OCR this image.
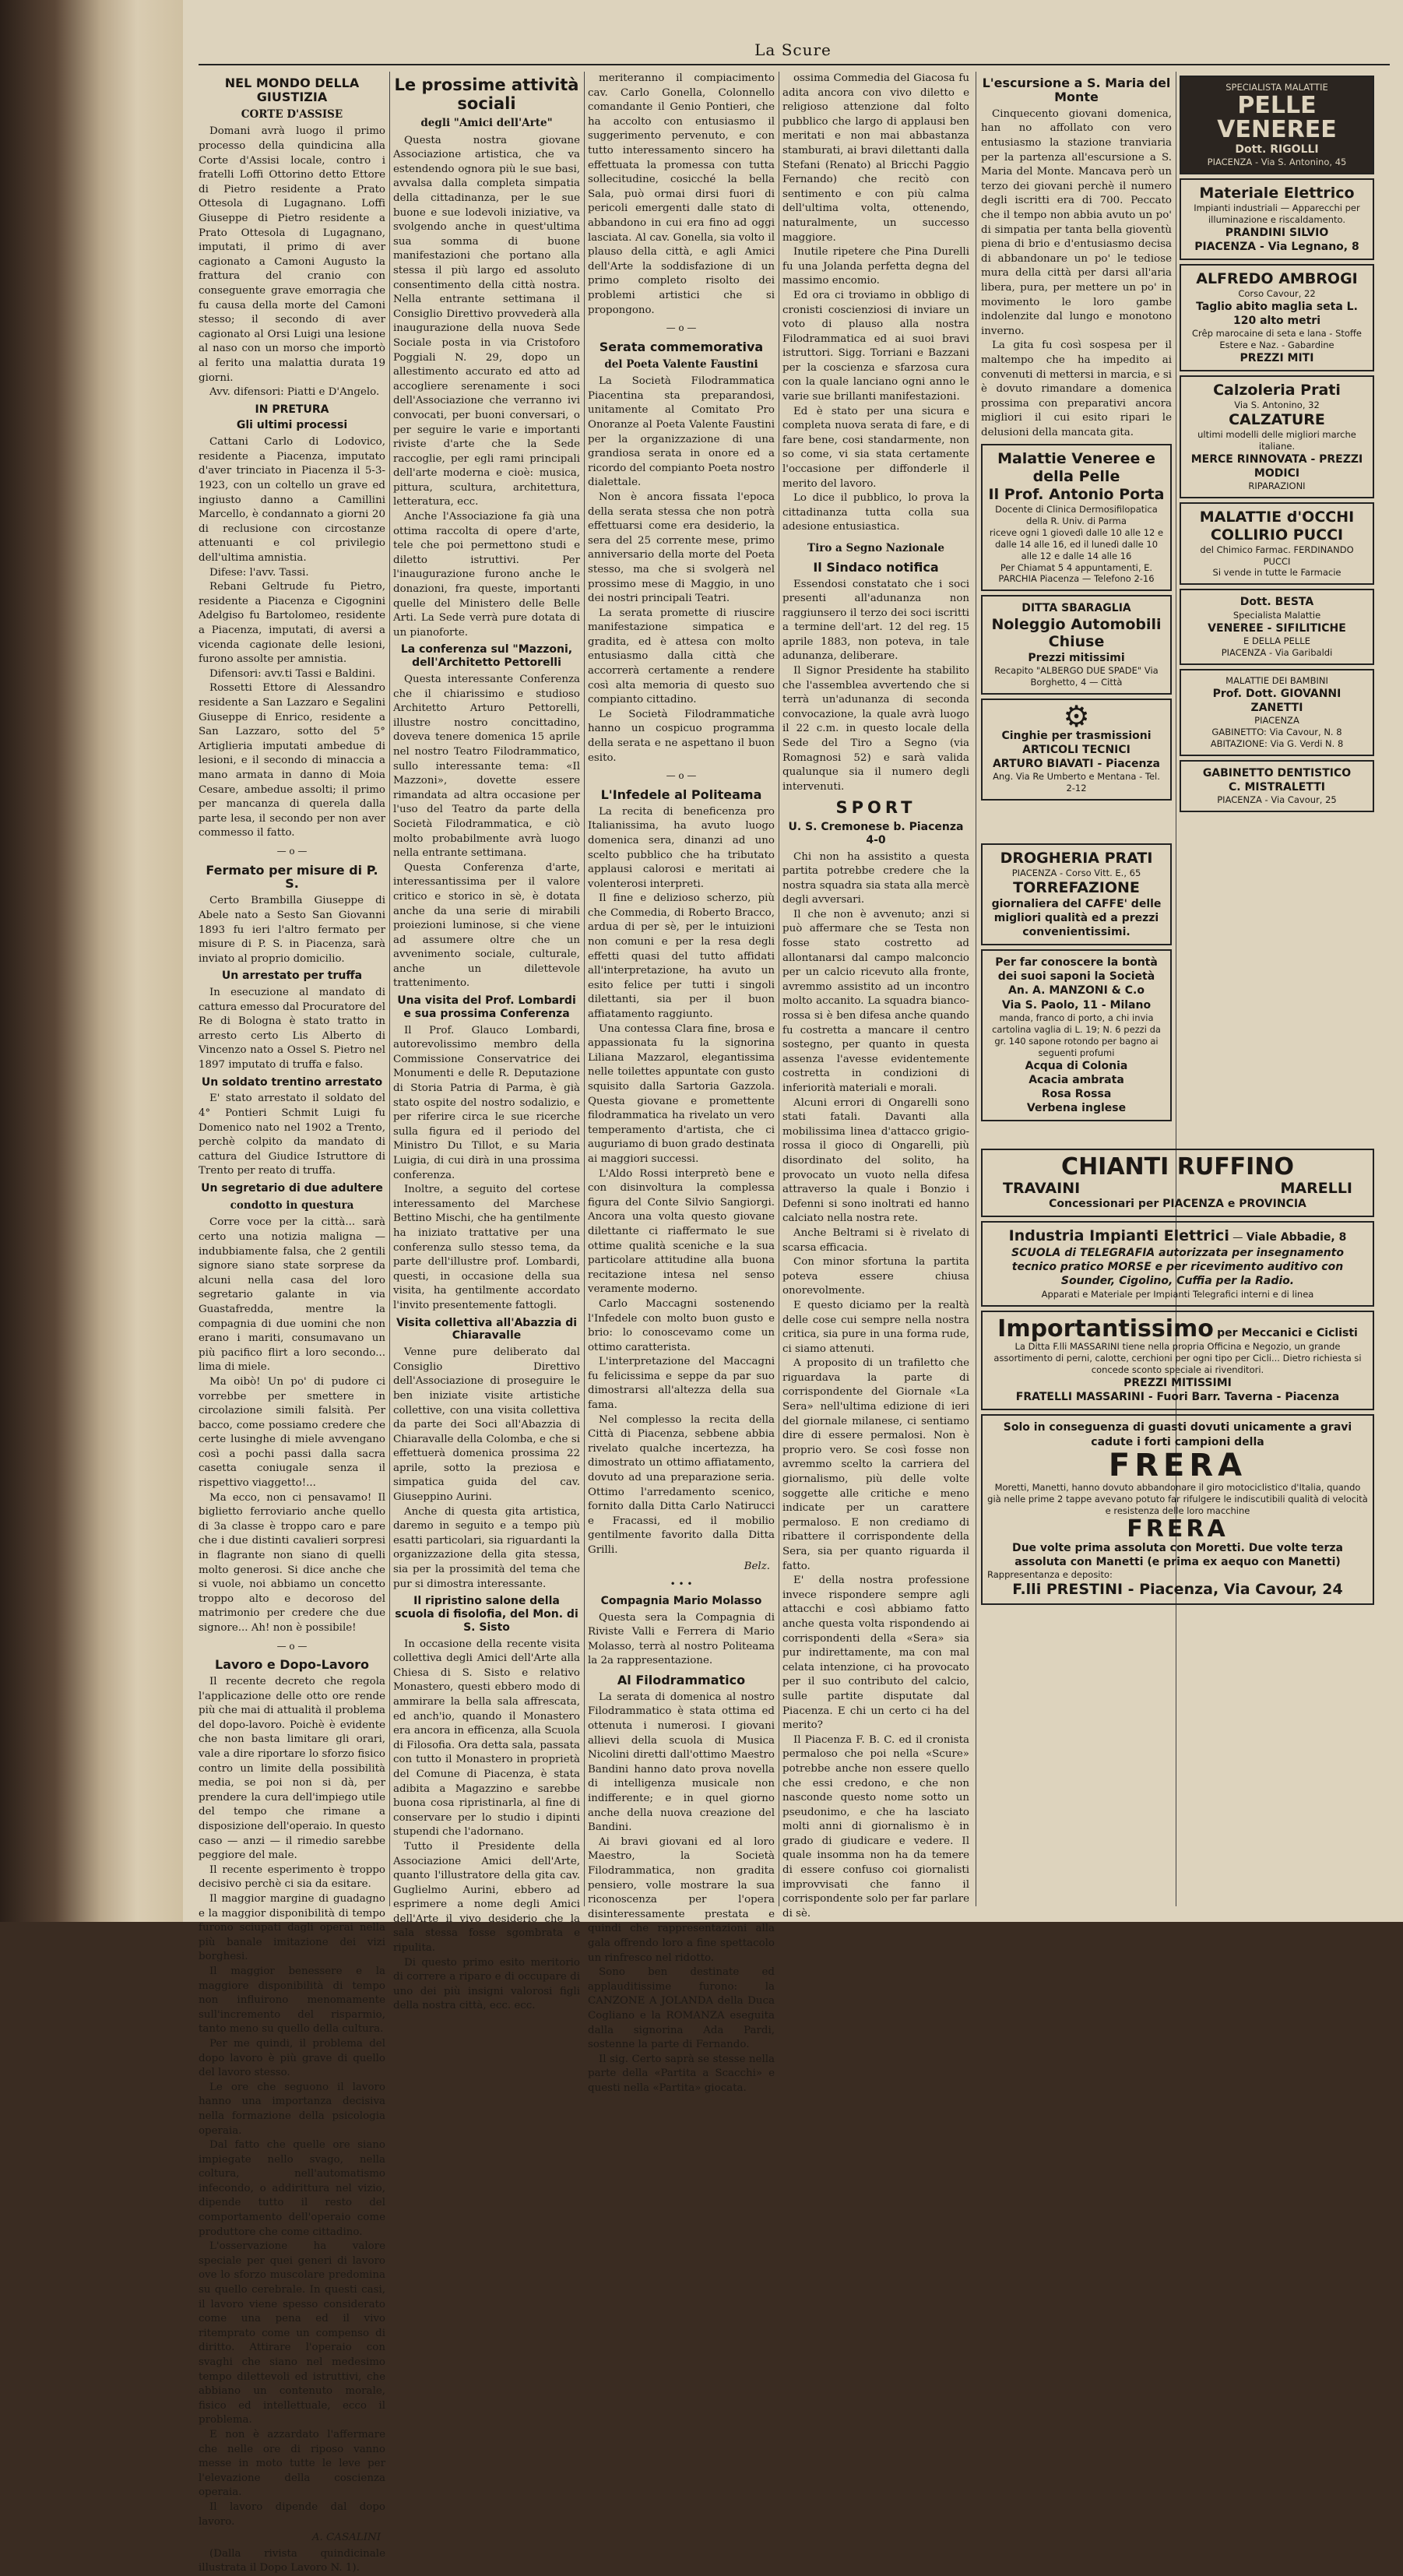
La Scure
NEL MONDO DELLA GIUSTIZIA
CORTE D'ASSISE

Domani avrà luogo il primo processo della quindicina alla Corte d'Assisi locale, contro i fratelli Loffi Ottorino detto Ettore di Pietro residente a Prato Ottesola di Lugagnano. Loffi Giuseppe di Pietro residente a Prato Ottesola di Lugagnano, imputati, il primo di aver cagionato a Camoni Augusto la frattura del cranio con conseguente grave emorragia che fu causa della morte del Camoni stesso; il secondo di aver cagionato al Orsi Luigi una lesione al naso con un morso che importò al ferito una malattia durata 19 giorni.

Avv. difensori: Piatti e D'Angelo.

IN PRETURA
Gli ultimi processi

Cattani Carlo di Lodovico, residente a Piacenza, imputato d'aver trinciato in Piacenza il 5-3-1923, con un coltello un grave ed ingiusto danno a Camillini Marcello, è condannato a giorni 20 di reclusione con circostanze attenuanti e col privilegio dell'ultima amnistia.

Difese: l'avv. Tassi.

Rebani Geltrude fu Pietro, residente a Piacenza e Cigognini Adelgiso fu Bartolomeo, residente a Piacenza, imputati, di aversi a vicenda cagionate delle lesioni, furono assolte per amnistia.

Difensori: avv.ti Tassi e Baldini.

Rossetti Ettore di Alessandro residente a San Lazzaro e Segalini Giuseppe di Enrico, residente a San Lazzaro, sotto del 5° Artiglieria imputati ambedue di lesioni, e il secondo di minaccia a mano armata in danno di Moia Cesare, ambedue assolti; il primo per mancanza di querela dalla parte lesa, il secondo per non aver commesso il fatto.

— o —
Fermato per misure di P. S.

Certo Brambilla Giuseppe di Abele nato a Sesto San Giovanni 1893 fu ieri l'altro fermato per misure di P. S. in Piacenza, sarà inviato al proprio domicilio.

Un arrestato per truffa

In esecuzione al mandato di cattura emesso dal Procuratore del Re di Bologna è stato tratto in arresto certo Lis Alberto di Vincenzo nato a Ossel S. Pietro nel 1897 imputato di truffa e falso.

Un soldato trentino arrestato

E' stato arrestato il soldato del 4° Pontieri Schmit Luigi fu Domenico nato nel 1902 a Trento, perchè colpito da mandato di cattura del Giudice Istruttore di Trento per reato di truffa.

Un segretario di due adultere
condotto in questura

Corre voce per la città... sarà certo una notizia maligna — indubbiamente falsa, che 2 gentili signore siano state sorprese da alcuni nella casa del loro segretario galante in via Guastafredda, mentre la compagnia di due uomini che non erano i mariti, consumavano un più pacifico flirt a loro secondo... lima di miele.

Ma oibò! Un po' di pudore ci vorrebbe per smettere in circolazione simili falsità. Per bacco, come possiamo credere che certe lusinghe di miele avvengano così a pochi passi dalla sacra casetta coniugale senza il rispettivo viaggetto!...

Ma ecco, non ci pensavamo! Il biglietto ferroviario anche quello di 3a classe è troppo caro e pare che i due distinti cavalieri sorpresi in flagrante non siano di quelli molto generosi. Si dice anche che si vuole, noi abbiamo un concetto troppo alto e decoroso del matrimonio per credere che due signore... Ah! non è possibile!

— o —
Lavoro e Dopo-Lavoro

Il recente decreto che regola l'applicazione delle otto ore rende più che mai di attualità il problema del dopo-lavoro. Poichè è evidente che non basta limitare gli orari, vale a dire riportare lo sforzo fisico contro un limite della possibilità media, se poi non si dà, per prendere la cura dell'impiego utile del tempo che rimane a disposizione dell'operaio. In questo caso — anzi — il rimedio sarebbe peggiore del male.

Il recente esperimento è troppo decisivo perchè ci sia da esitare.

Il maggior margine di guadagno e la maggior disponibilità di tempo furono sciupati dagli operai nella più banale imitazione dei vizi borghesi.

Il maggior benessere e la maggiore disponibilità di tempo non influirono menomamente sull'incremento del risparmio, tanto meno su quello della cultura.

Per me quindi, il problema del dopo lavoro è più grave di quello del lavoro stesso.

Le ore che seguono il lavoro hanno una importanza decisiva nella formazione della psicologia operaia.

Dal fatto che quelle ore siano impiegate nello svago, nella coltura, nell'automatismo infecondo, o addirittura nel vizio, dipende tutto il resto del comportamento dell'operaio come produttore che come cittadino.

L'osservazione ha valore speciale per quei generi di lavoro ove lo sforzo muscolare predomina su quello cerebrale. In questi casi, il lavoro viene spesso considerato come una pena ed il vivo ritemprato come un compenso di diritto. Attirare l'operaio con svaghi che siano nel medesimo tempo dilettevoli ed istruttivi, che abbiano un contenuto morale, fisico ed intellettuale, ecco il problema.

E non è azzardato l'affermare che nelle ore di riposo vanno messe in moto tutte le leve per l'elevazione della coscienza operaia.

Il lavoro dipende dal dopo lavoro.

A. CASALINI

(Dalla rivista quindicinale illustrata il Dopo Lavoro N. 1).

Le prossime attività sociali
degli "Amici dell'Arte"

Questa nostra giovane Associazione artistica, che va estendendo ognora più le sue basi, avvalsa dalla completa simpatia della cittadinanza, per le sue buone e sue lodevoli iniziative, va svolgendo anche in quest'ultima sua somma di buone manifestazioni che portano alla stessa il più largo ed assoluto consentimento della città nostra. Nella entrante settimana il Consiglio Direttivo provvederà alla inaugurazione della nuova Sede Sociale posta in via Cristoforo Poggiali N. 29, dopo un allestimento accurato ed atto ad accogliere serenamente i soci dell'Associazione che verranno ivi convocati, per buoni conversari, o per seguire le varie e importanti riviste d'arte che la Sede raccoglie, per egli rami principali dell'arte moderna e cioè: musica, pittura, scultura, architettura, letteratura, ecc.

Anche l'Associazione fa già una ottima raccolta di opere d'arte, tele che poi permettono studi e diletto istruttivi. Per l'inaugurazione furono anche le donazioni, fra queste, importanti quelle del Ministero delle Belle Arti. La Sede verrà pure dotata di un pianoforte.

La conferenza sul "Mazzoni, dell'Architetto Pettorelli

Questa interessante Conferenza che il chiarissimo e studioso Architetto Arturo Pettorelli, illustre nostro concittadino, doveva tenere domenica 15 aprile nel nostro Teatro Filodrammatico, sullo interessante tema: «Il Mazzoni», dovette essere rimandata ad altra occasione per l'uso del Teatro da parte della Società Filodrammatica, e ciò molto probabilmente avrà luogo nella entrante settimana.

Questa Conferenza d'arte, interessantissima per il valore critico e storico in sè, è dotata anche da una serie di mirabili proiezioni luminose, si che viene ad assumere oltre che un avvenimento sociale, culturale, anche un dilettevole trattenimento.

Una visita del Prof. Lombardi e sua prossima Conferenza

Il Prof. Glauco Lombardi, autorevolissimo membro della Commissione Conservatrice dei Monumenti e delle R. Deputazione di Storia Patria di Parma, è già stato ospite del nostro sodalizio, e per riferire circa le sue ricerche sulla figura ed il periodo del Ministro Du Tillot, e su Maria Luigia, di cui dirà in una prossima conferenza.

Inoltre, a seguito del cortese interessamento del Marchese Bettino Mischi, che ha gentilmente ha iniziato trattative per una conferenza sullo stesso tema, da parte dell'illustre prof. Lombardi, questi, in occasione della sua visita, ha gentilmente accordato l'invito presentemente fattogli.

Visita collettiva all'Abazzia di Chiaravalle

Venne pure deliberato dal Consiglio Direttivo dell'Associazione di proseguire le ben iniziate visite artistiche collettive, con una visita collettiva da parte dei Soci all'Abazzia di Chiaravalle della Colomba, e che si effettuerà domenica prossima 22 aprile, sotto la preziosa e simpatica guida del cav. Giuseppino Aurini.

Anche di questa gita artistica, daremo in seguito e a tempo più esatti particolari, sia riguardanti la organizzazione della gita stessa, sia per la prossimità del tema che pur si dimostra interessante.

Il ripristino salone della scuola di fisolofia, del Mon. di S. Sisto

In occasione della recente visita collettiva degli Amici dell'Arte alla Chiesa di S. Sisto e relativo Monastero, questi ebbero modo di ammirare la bella sala affrescata, ed anch'io, quando il Monastero era ancora in efficenza, alla Scuola di Filosofia. Ora detta sala, passata con tutto il Monastero in proprietà del Comune di Piacenza, è stata adibita a Magazzino e sarebbe buona cosa ripristinarla, al fine di conservare per lo studio i dipinti stupendi che l'adornano.

Tutto il Presidente della Associazione Amici dell'Arte, quanto l'illustratore della gita cav. Guglielmo Aurini, ebbero ad esprimere a nome degli Amici dell'Arte il vivo desiderio che la sala stessa fosse sgombrata e ripulita.

Di questo primo esito meritorio di correre a riparo e di occupare di uno dei più insigni valorosi figli della nostra città, ecc. ecc.

meriteranno il compiacimento cav. Carlo Gonella, Colonnello comandante il Genio Pontieri, che ha accolto con entusiasmo il suggerimento pervenuto, e con tutto interessamento sincero ha effettuata la promessa con tutta sollecitudine, cosicché la bella Sala, può ormai dirsi fuori di pericoli emergenti dalle stato di abbandono in cui era fino ad oggi lasciata. Al cav. Gonella, sia volto il plauso della città, e agli Amici dell'Arte la soddisfazione di un primo completo risolto dei problemi artistici che si propongono.

— o —
Serata commemorativa
del Poeta Valente Faustini

La Società Filodrammatica Piacentina sta preparandosi, unitamente al Comitato Pro Onoranze al Poeta Valente Faustini per la organizzazione di una grandiosa serata in onore ed a ricordo del compianto Poeta nostro dialettale.

Non è ancora fissata l'epoca della serata stessa che non potrà effettuarsi come era desiderio, la sera del 25 corrente mese, primo anniversario della morte del Poeta stesso, ma che si svolgerà nel prossimo mese di Maggio, in uno dei nostri principali Teatri.

La serata promette di riuscire manifestazione simpatica e gradita, ed è attesa con molto entusiasmo dalla città che accorrerà certamente a rendere così alta memoria di questo suo compianto cittadino.

Le Società Filodrammatiche hanno un cospicuo programma della serata e ne aspettano il buon esito.

— o —
L'Infedele al Politeama

La recita di beneficenza pro Italianissima, ha avuto luogo domenica sera, dinanzi ad uno scelto pubblico che ha tributato applausi calorosi e meritati ai volenterosi interpreti.

Il fine e delizioso scherzo, più che Commedia, di Roberto Bracco, ardua di per sè, per le intuizioni non comuni e per la resa degli effetti quasi del tutto affidati all'interpretazione, ha avuto un esito felice per tutti i singoli dilettanti, sia per il buon affiatamento raggiunto.

Una contessa Clara fine, brosa e appassionata fu la signorina Liliana Mazzarol, elegantissima nelle toilettes appuntate con gusto squisito dalla Sartoria Gazzola. Questa giovane e promettente filodrammatica ha rivelato un vero temperamento d'artista, che ci auguriamo di buon grado destinata ai maggiori successi.

L'Aldo Rossi interpretò bene e con disinvoltura la complessa figura del Conte Silvio Sangiorgi. Ancora una volta questo giovane dilettante ci riaffermato le sue ottime qualità sceniche e la sua particolare attitudine alla buona recitazione intesa nel senso veramente moderno.

Carlo Maccagni sostenendo l'Infedele con molto buon gusto e brio: lo conoscevamo come un ottimo caratterista.

L'interpretazione del Maccagni fu felicissima e seppe da par suo dimostrarsi all'altezza della sua fama.

Nel complesso la recita della Città di Piacenza, sebbene abbia rivelato qualche incertezza, ha dimostrato un ottimo affiatamento, dovuto ad una preparazione seria. Ottimo l'arredamento scenico, fornito dalla Ditta Carlo Natirucci e Fracassi, ed il mobilio gentilmente favorito dalla Ditta Grilli.

Belz.
• • •
Compagnia Mario Molasso

Questa sera la Compagnia di Riviste Valli e Ferrera di Mario Molasso, terrà al nostro Politeama la 2a rappresentazione.

Al Filodrammatico

La serata di domenica al nostro Filodrammatico è stata ottima ed ottenuta i numerosi. I giovani allievi della scuola di Musica Nicolini diretti dall'ottimo Maestro Bandini hanno dato prova novella di intelligenza musicale non indifferente; e in quel giorno anche della nuova creazione del Bandini.

Ai bravi giovani ed al loro Maestro, la Società Filodrammatica, non gradita pensiero, volle mostrare la sua riconoscenza per l'opera disinteressamente prestata e quindi che rappresentazioni alla gala offrendo loro a fine spettacolo un rinfresco nel ridotto.

Sono ben destinate ed applauditissime furono: la CANZONE A JOLANDA della Duca Cogliano e la ROMANZA eseguita dalla signorina Ada Pardi, sostenne la parte di Fernando.

Il sig. Certo saprà se stesse nella parte della «Partita a Scacchi» e questi nella «Partita» giocata.

ossima Commedia del Giacosa fu adita ancora con vivo diletto e religioso attenzione dal folto pubblico che largo di applausi ben meritati e non mai abbastanza stamburati, ai bravi dilettanti dalla Stefani (Renato) al Bricchi Paggio Fernando) che recitò con sentimento e con più calma dell'ultima volta, ottenendo, naturalmente, un successo maggiore.

Inutile ripetere che Pina Durelli fu una Jolanda perfetta degna del massimo encomio.

Ed ora ci troviamo in obbligo di cronisti coscienziosi di inviare un voto di plauso alla nostra Filodrammatica ed ai suoi bravi istruttori. Sigg. Torriani e Bazzani per la coscienza e sfarzosa cura con la quale lanciano ogni anno le varie sue brillanti manifestazioni.

Ed è stato per una sicura e completa nuova serata di fare, e di fare bene, cosi standarmente, non so come, vi sia stata certamente l'occasione per diffonderle il merito del lavoro.

Lo dice il pubblico, lo prova la cittadinanza tutta colla sua adesione entusiastica.

Tiro a Segno Nazionale
Il Sindaco notifica

Essendosi constatato che i soci presenti all'adunanza non raggiunsero il terzo dei soci iscritti a termine dell'art. 12 del reg. 15 aprile 1883, non poteva, in tale adunanza, deliberare.

Il Signor Presidente ha stabilito che l'assemblea avvertendo che si terrà un'adunanza di seconda convocazione, la quale avrà luogo il 22 c.m. in questo locale della Sede del Tiro a Segno (via Romagnosi 52) e sarà valida qualunque sia il numero degli intervenuti.

SPORT
U. S. Cremonese b. Piacenza 4-0

Chi non ha assistito a questa partita potrebbe credere che la nostra squadra sia stata alla mercè degli avversari.

Il che non è avvenuto; anzi si può affermare che se Testa non fosse stato costretto ad allontanarsi dal campo malconcio per un calcio ricevuto alla fronte, avremmo assistito ad un incontro molto accanito. La squadra bianco-rossa si è ben difesa anche quando fu costretta a mancare il centro sostegno, per quanto in questa assenza l'avesse evidentemente costretta in condizioni di inferiorità materiali e morali.

Alcuni errori di Ongarelli sono stati fatali. Davanti alla mobilissima linea d'attacco grigio-rossa il gioco di Ongarelli, più disordinato del solito, ha provocato un vuoto nella difesa attraverso la quale i Bonzio i Defenni si sono inoltrati ed hanno calciato nella nostra rete.

Anche Beltrami si è rivelato di scarsa efficacia.

Con minor sfortuna la partita poteva essere chiusa onorevolmente.

E questo diciamo per la realtà delle cose cui sempre nella nostra critica, sia pure in una forma rude, ci siamo attenuti.

A proposito di un trafiletto che riguardava la parte di corrispondente del Giornale «La Sera» nell'ultima edizione di ieri del giornale milanese, ci sentiamo dire di essere permalosi. Non è proprio vero. Se così fosse non avremmo scelto la carriera del giornalismo, più delle volte soggette alle critiche e meno indicate per un carattere permaloso. E non crediamo di ribattere il corrispondente della Sera, sia per quanto riguarda il fatto.

E' della nostra professione invece rispondere sempre agli attacchi e così abbiamo fatto anche questa volta rispondendo ai corrispondenti della «Sera» sia pur indirettamente, ma con mal celata intenzione, ci ha provocato per il suo contributo del calcio, sulle partite disputate dal Piacenza. E chi un certo ci ha del merito?

Il Piacenza F. B. C. ed il cronista permaloso che poi nella «Scure» potrebbe anche non essere quello che essi credono, e che non nasconde questo nome sotto un pseudonimo, e che ha lasciato molti anni di giornalismo è in grado di giudicare e vedere. Il quale insomma non ha da temere di essere confuso coi giornalisti improvvisati che fanno il corrispondente solo per far parlare di sè.

L'escursione a S. Maria del Monte

Cinquecento giovani domenica, han no affollato con vero entusiasmo la stazione tranviaria per la partenza all'escursione a S. Maria del Monte. Mancava però un terzo dei giovani perchè il numero degli iscritti era di 700. Peccato che il tempo non abbia avuto un po' di simpatia per tanta bella gioventù piena di brio e d'entusiasmo decisa di abbandonare un po' le tediose mura della città per darsi all'aria libera, pura, per mettere un po' in movimento le loro gambe indolenzite dal lungo e monotono inverno.

La gita fu così sospesa per il maltempo che ha impedito ai convenuti di mettersi in marcia, e si è dovuto rimandare a domenica prossima con preparativi ancora migliori il cui esito ripari le delusioni della mancata gita.

Malattie Veneree e della Pelle
Il Prof. Antonio Porta
Docente di Clinica Dermosifilopatica della R. Univ. di Parma
riceve ogni 1 giovedì dalle 10 alle 12 e dalle 14 alle 16, ed il lunedì dalle 10 alle 12 e dalle 14 alle 16
Per Chiamat 5 4 appuntamenti, E. PARCHIA Piacenza — Telefono 2-16
DITTA SBARAGLIA
Noleggio Automobili Chiuse
Prezzi mitissimi
Recapito "ALBERGO DUE SPADE" Via Borghetto, 4 — Città
⚙
Cinghie per trasmissioni
ARTICOLI TECNICI
ARTURO BIAVATI - Piacenza
Ang. Via Re Umberto e Mentana - Tel. 2-12
DROGHERIA PRATI
PIACENZA - Corso Vitt. E., 65
TORREFAZIONE
giornaliera del CAFFE' delle migliori qualità ed a prezzi convenientissimi.
Per far conoscere la bontà dei suoi saponi la Società An. A. MANZONI & C.o
Via S. Paolo, 11 - Milano
manda, franco di porto, a chi invia cartolina vaglia di L. 19; N. 6 pezzi da gr. 140 sapone rotondo per bagno ai seguenti profumi
Acqua di Colonia
Acacia ambrata
Rosa Rossa
Verbena inglese
SPECIALISTA MALATTIE
PELLE
VENEREE
Dott. RIGOLLI
PIACENZA - Via S. Antonino, 45
Materiale Elettrico
Impianti industriali — Apparecchi per illuminazione e riscaldamento.
PRANDINI SILVIO
PIACENZA - Via Legnano, 8
ALFREDO AMBROGI
Corso Cavour, 22
Taglio abito maglia seta L. 120 alto metri
Crêp marocaine di seta e lana - Stoffe Estere e Naz. - Gabardine
PREZZI MITI
Calzoleria Prati
Via S. Antonino, 32
CALZATURE
ultimi modelli delle migliori marche italiane.
MERCE RINNOVATA - PREZZI MODICI
RIPARAZIONI
MALATTIE d'OCCHI
COLLIRIO PUCCI
del Chimico Farmac. FERDINANDO PUCCI
Si vende in tutte le Farmacie
Dott. BESTA
Specialista Malattie
VENEREE - SIFILITICHE
E DELLA PELLE
PIACENZA - Via Garibaldi
MALATTIE DEI BAMBINI
Prof. Dott. GIOVANNI ZANETTI
PIACENZA
GABINETTO: Via Cavour, N. 8
ABITAZIONE: Via G. Verdi N. 8
GABINETTO DENTISTICO
C. MISTRALETTI
PIACENZA - Via Cavour, 25
CHIANTI RUFFINO
TRAVAINI	MARELLI
Concessionari per PIACENZA e PROVINCIA
Industria Impianti Elettrici — Viale Abbadie, 8
SCUOLA di TELEGRAFIA autorizzata per insegnamento tecnico pratico MORSE e per ricevimento auditivo con Sounder, Cigolino, Cuffia per la Radio.
Apparati e Materiale per Impianti Telegrafici interni e di linea
Importantissimo per Meccanici e Ciclisti
La Ditta F.lli MASSARINI tiene nella propria Officina e Negozio, un grande assortimento di perni, calotte, cerchioni per ogni tipo per Cicli... Dietro richiesta si concede sconto speciale ai rivenditori.
PREZZI MITISSIMI
FRATELLI MASSARINI - Fuori Barr. Taverna - Piacenza
Solo in conseguenza di guasti dovuti unicamente a gravi cadute i forti campioni della
FRERA
Moretti, Manetti, hanno dovuto abbandonare il giro motociclistico d'Italia, quando già nelle prime 2 tappe avevano potuto far rifulgere le indiscutibili qualità di velocità e resistenza delle loro macchine
FRERA
Due volte prima assoluta con Moretti. Due volte terza assoluta con Manetti (e prima ex aequo con Manetti)
Rappresentanza e deposito:
F.lli PRESTINI - Piacenza, Via Cavour, 24
